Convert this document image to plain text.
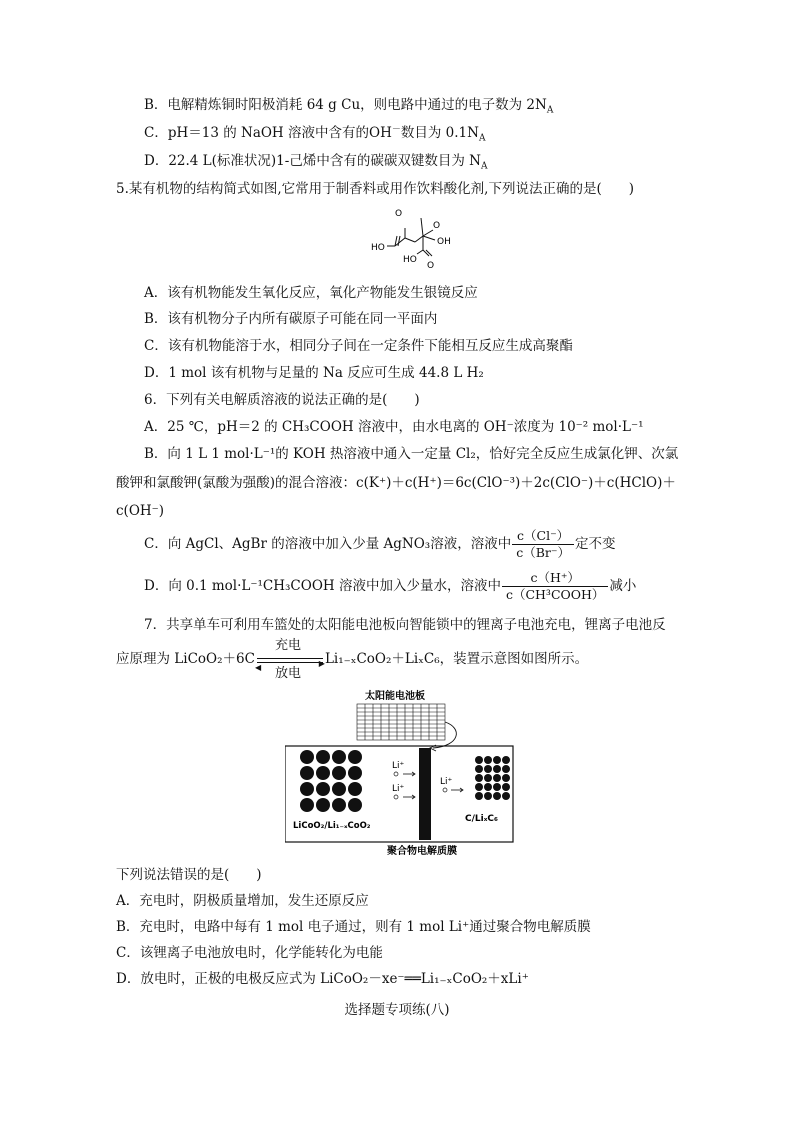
B．电解精炼铜时阳极消耗 64 g Cu，则电路中通过的电子数为 $2N_A$
C．pH＝13 的 NaOH 溶液中含有的OH－数目为 $0.1N_A$
D．22.4 L(标准状况)1-己烯中含有的碳碳双键数目为 $N_A$
5.某有机物的结构简式如图,它常用于制香料或用作饮料酸化剂,下列说法正确的是(　　)
O
O
HO
OH
HO
O
A．该有机物能发生氧化反应，氧化产物能发生银镜反应
B．该有机物分子内所有碳原子可能在同一平面内
C．该有机物能溶于水，相同分子间在一定条件下能相互反应生成高聚酯
D．1 mol 该有机物与足量的 Na 反应可生成 44.8 L H₂
6．下列有关电解质溶液的说法正确的是(　　)
A．25 ℃，pH＝2 的 CH₃COOH 溶液中，由水电离的 OH⁻浓度为 10⁻² mol·L⁻¹
B．向 1 L 1 mol·L⁻¹的 KOH 热溶液中通入一定量 Cl₂，恰好完全反应生成氯化钾、次氯
酸钾和氯酸钾(氯酸为强酸)的混合溶液：c(K⁺)＋c(H⁺)＝6c(ClO⁻³)＋2c(ClO⁻)＋c(HClO)＋
c(OH⁻)
C．向 AgCl、AgBr 的溶液中加入少量 AgNO₃溶液，溶液中 $\frac{c(Cl^-)}{c(Br^-)}$ 定不变
D．向 0.1 mol·L⁻¹CH₃COOH 溶液中加入少量水，溶液中 $\frac{c(H^+)}{\text{c（CH³COOH）}}$ 减小
7．共享单车可利用车篮处的太阳能电池板向智能锁中的锂离子电池充电，锂离子电池反
应原理为 LiCoO₂＋6C
充电
▶
◀ 放电
Li₁₋ₓCoO₂＋LiₓC₆，装置示意图如图所示。
太阳能电池板
Li⁺
Li⁺
Li⁺
LiCoO₂/Li₁₋ₓCoO₂
C/LiₓC₆
聚合物电解质膜
下列说法错误的是(　　)
A．充电时，阴极质量增加，发生还原反应
B．充电时，电路中每有 1 mol 电子通过，则有 1 mol Li⁺通过聚合物电解质膜
C．该锂离子电池放电时，化学能转化为电能
D．放电时，正极的电极反应式为 LiCoO₂－xe⁻══Li₁₋ₓCoO₂＋xLi⁺
选择题专项练(八)
